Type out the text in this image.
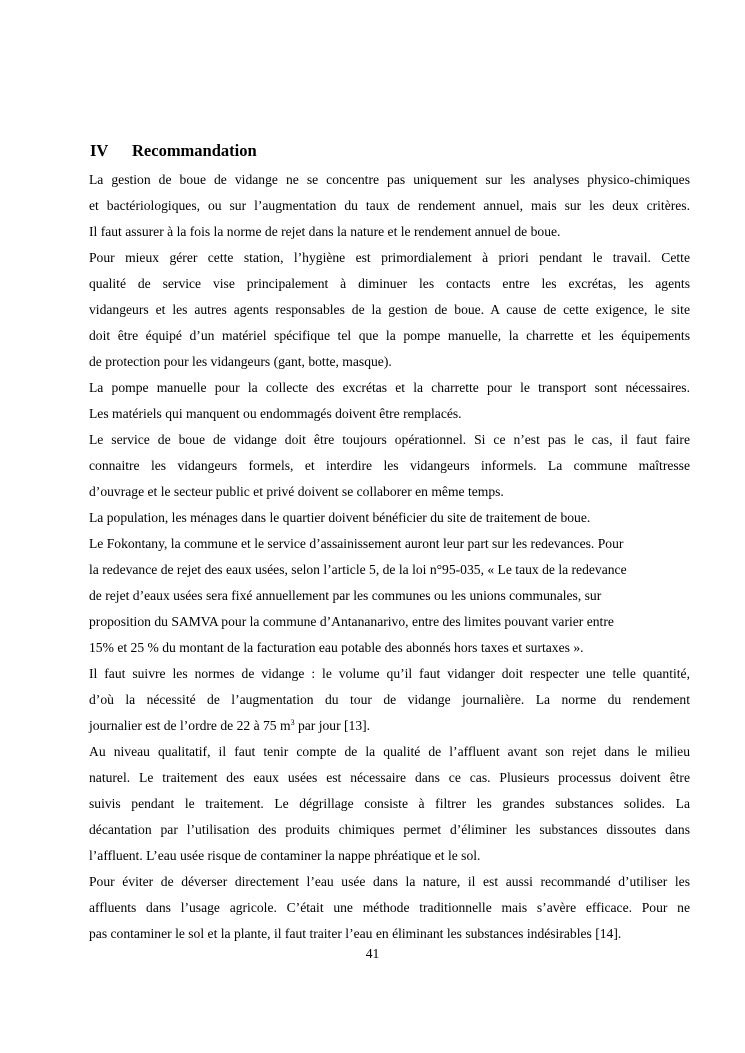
IV Recommandation
La gestion de boue de vidange ne se concentre pas uniquement sur les analyses physico-chimiques
et bactériologiques, ou sur l’augmentation du taux de rendement annuel, mais sur les deux critères.
Il faut assurer à la fois la norme de rejet dans la nature et le rendement annuel de boue.
Pour mieux gérer cette station, l’hygiène est primordialement à priori pendant le travail. Cette
qualité de service vise principalement à diminuer les contacts entre les excrétas, les agents
vidangeurs et les autres agents responsables de la gestion de boue. A cause de cette exigence, le site
doit être équipé d’un matériel spécifique tel que la pompe manuelle, la charrette et les équipements
de protection pour les vidangeurs (gant, botte, masque).
La pompe manuelle pour la collecte des excrétas et la charrette pour le transport sont nécessaires.
Les matériels qui manquent ou endommagés doivent être remplacés.
Le service de boue de vidange doit être toujours opérationnel. Si ce n’est pas le cas, il faut faire
connaitre les vidangeurs formels, et interdire les vidangeurs informels. La commune maîtresse
d’ouvrage et le secteur public et privé doivent se collaborer en même temps.
La population, les ménages dans le quartier doivent bénéficier du site de traitement de boue.
Le Fokontany, la commune et le service d’assainissement auront leur part sur les redevances. Pour
la redevance de rejet des eaux usées, selon l’article 5, de la loi n°95-035, « Le taux de la redevance
de rejet d’eaux usées sera fixé annuellement par les communes ou les unions communales, sur
proposition du SAMVA pour la commune d’Antananarivo, entre des limites pouvant varier entre
15% et 25 % du montant de la facturation eau potable des abonnés hors taxes et surtaxes ».
Il faut suivre les normes de vidange : le volume qu’il faut vidanger doit respecter une telle quantité,
d’où la nécessité de l’augmentation du tour de vidange journalière. La norme du rendement
journalier est de l’ordre de 22 à 75 $m^3$ par jour [13].
Au niveau qualitatif, il faut tenir compte de la qualité de l’affluent avant son rejet dans le milieu
naturel. Le traitement des eaux usées est nécessaire dans ce cas. Plusieurs processus doivent être
suivis pendant le traitement. Le dégrillage consiste à filtrer les grandes substances solides. La
décantation par l’utilisation des produits chimiques permet d’éliminer les substances dissoutes dans
l’affluent. L’eau usée risque de contaminer la nappe phréatique et le sol.
Pour éviter de déverser directement l’eau usée dans la nature, il est aussi recommandé d’utiliser les
affluents dans l’usage agricole. C’était une méthode traditionnelle mais s’avère efficace. Pour ne
pas contaminer le sol et la plante, il faut traiter l’eau en éliminant les substances indésirables [14].
41
